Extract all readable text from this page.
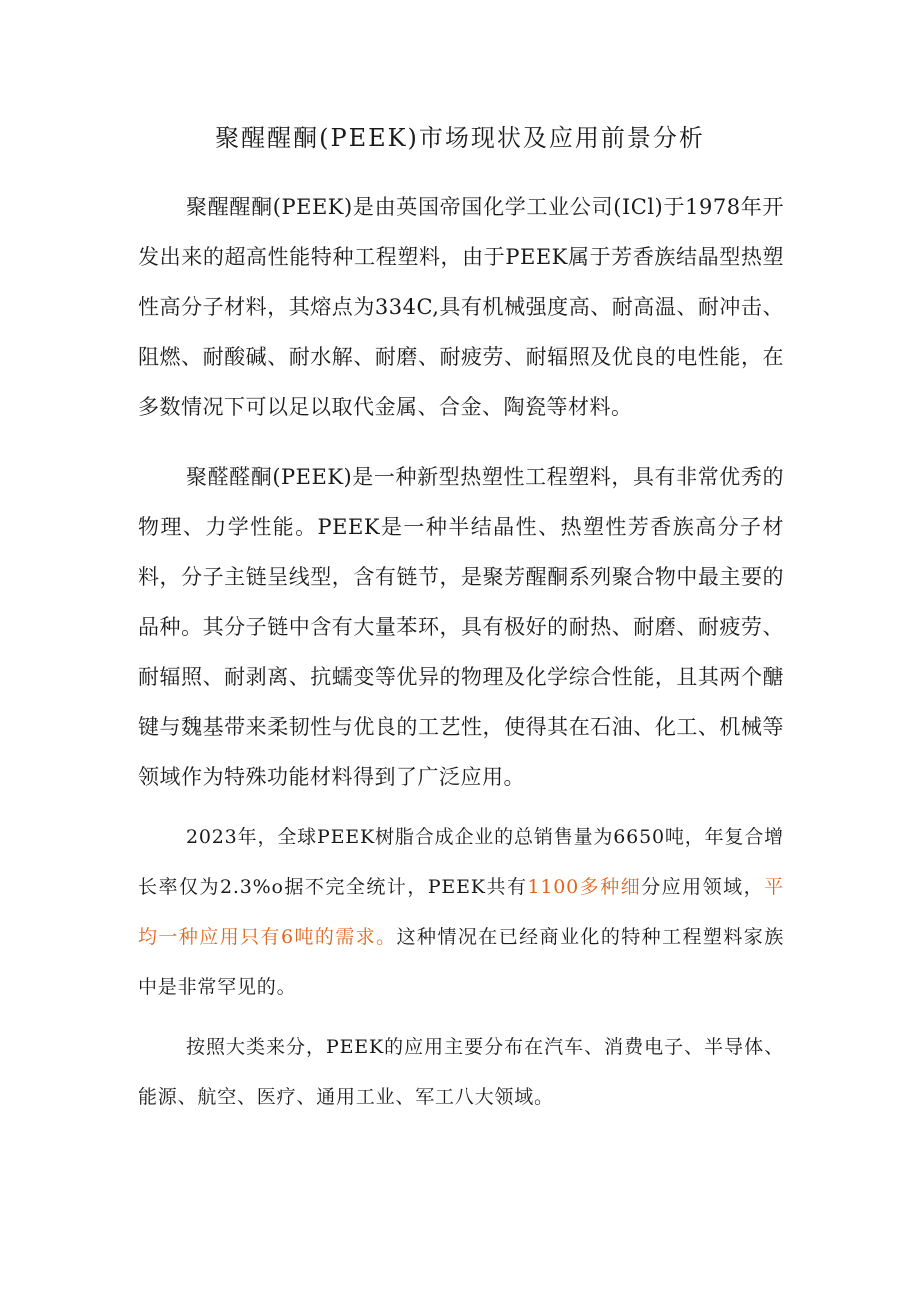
聚醒醒酮(PEEK)市场现状及应用前景分析

聚醒醒酮(PEEK)是由英国帝国化学工业公司(ICl)于1978年开发出来的超高性能特种工程塑料，由于PEEK属于芳香族结晶型热塑性高分子材料，其熔点为334C,具有机械强度高、耐高温、耐冲击、阻燃、耐酸碱、耐水解、耐磨、耐疲劳、耐辐照及优良的电性能，在多数情况下可以足以取代金属、合金、陶瓷等材料。

聚醛醛酮(PEEK)是一种新型热塑性工程塑料，具有非常优秀的物理、力学性能。PEEK是一种半结晶性、热塑性芳香族高分子材料，分子主链呈线型，含有链节，是聚芳醒酮系列聚合物中最主要的品种。其分子链中含有大量苯环，具有极好的耐热、耐磨、耐疲劳、耐辐照、耐剥离、抗蠕变等优异的物理及化学综合性能，且其两个醣键与魏基带来柔韧性与优良的工艺性，使得其在石油、化工、机械等领域作为特殊功能材料得到了广泛应用。

2023年，全球PEEK树脂合成企业的总销售量为6650吨，年复合增长率仅为2.3%o据不完全统计，PEEK共有1100多种细分应用领域，平均一种应用只有6吨的需求。这种情况在已经商业化的特种工程塑料家族中是非常罕见的。

按照大类来分，PEEK的应用主要分布在汽车、消费电子、半导体、能源、航空、医疗、通用工业、军工八大领域。
